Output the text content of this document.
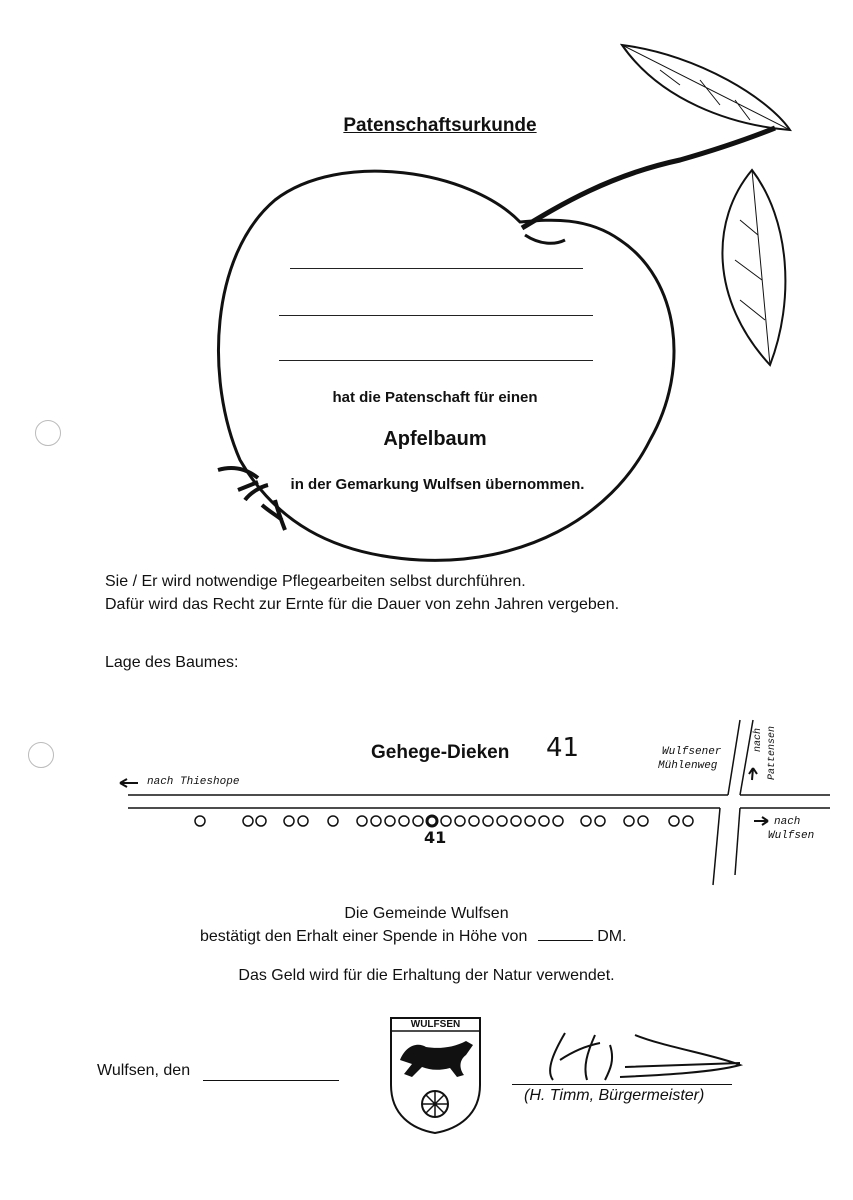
Patenschaftsurkunde
hat die Patenschaft für einen
Apfelbaum
in der Gemarkung Wulfsen übernommen.
Sie / Er wird notwendige Pflegearbeiten selbst durchführen.
Dafür wird das Recht zur Ernte für die Dauer von zehn Jahren vergeben.
Lage des Baumes:
Gehege-Dieken 41
41
nach Thieshope
Wulfsener
Mühlenweg
nach Pattensen
nach
Wulfsen
Die Gemeinde Wulfsen
bestätigt den Erhalt einer Spende in Höhe von	DM.
Das Geld wird für die Erhaltung der Natur verwendet.
Wulfsen, den
WULFSEN
(H. Timm, Bürgermeister)
